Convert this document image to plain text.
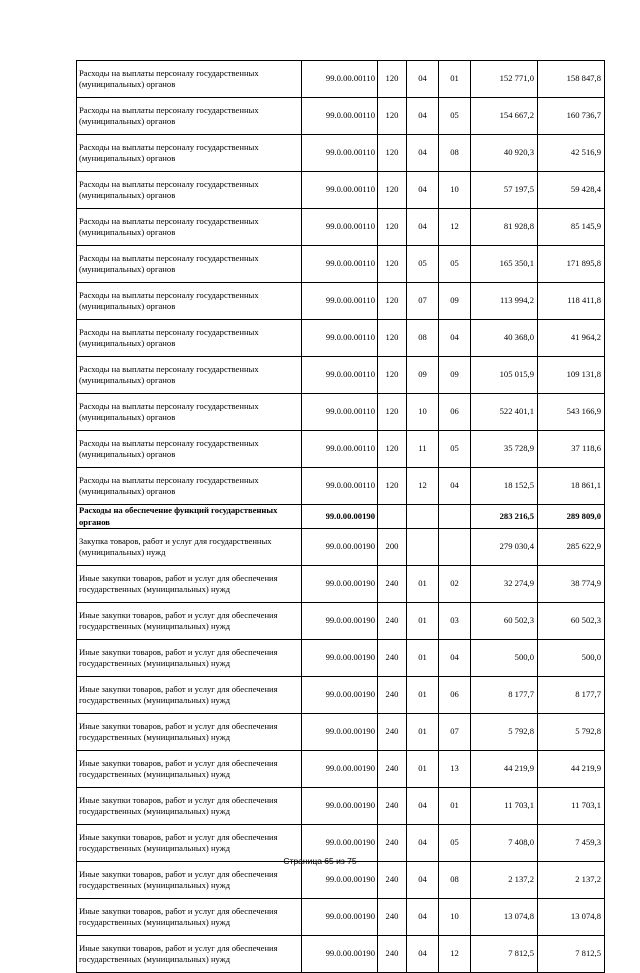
Расходы на выплаты персоналу государственных (муниципальных) органов	99.0.00.00110	120	04	01	152 771,0	158 847,8
Расходы на выплаты персоналу государственных (муниципальных) органов	99.0.00.00110	120	04	05	154 667,2	160 736,7
Расходы на выплаты персоналу государственных (муниципальных) органов	99.0.00.00110	120	04	08	40 920,3	42 516,9
Расходы на выплаты персоналу государственных (муниципальных) органов	99.0.00.00110	120	04	10	57 197,5	59 428,4
Расходы на выплаты персоналу государственных (муниципальных) органов	99.0.00.00110	120	04	12	81 928,8	85 145,9
Расходы на выплаты персоналу государственных (муниципальных) органов	99.0.00.00110	120	05	05	165 350,1	171 895,8
Расходы на выплаты персоналу государственных (муниципальных) органов	99.0.00.00110	120	07	09	113 994,2	118 411,8
Расходы на выплаты персоналу государственных (муниципальных) органов	99.0.00.00110	120	08	04	40 368,0	41 964,2
Расходы на выплаты персоналу государственных (муниципальных) органов	99.0.00.00110	120	09	09	105 015,9	109 131,8
Расходы на выплаты персоналу государственных (муниципальных) органов	99.0.00.00110	120	10	06	522 401,1	543 166,9
Расходы на выплаты персоналу государственных (муниципальных) органов	99.0.00.00110	120	11	05	35 728,9	37 118,6
Расходы на выплаты персоналу государственных (муниципальных) органов	99.0.00.00110	120	12	04	18 152,5	18 861,1
Расходы на обеспечение функций государственных органов	99.0.00.00190				283 216,5	289 809,0
Закупка товаров, работ и услуг для государственных (муниципальных) нужд	99.0.00.00190	200			279 030,4	285 622,9
Иные закупки товаров, работ и услуг для обеспечения государственных (муниципальных) нужд	99.0.00.00190	240	01	02	32 274,9	38 774,9
Иные закупки товаров, работ и услуг для обеспечения государственных (муниципальных) нужд	99.0.00.00190	240	01	03	60 502,3	60 502,3
Иные закупки товаров, работ и услуг для обеспечения государственных (муниципальных) нужд	99.0.00.00190	240	01	04	500,0	500,0
Иные закупки товаров, работ и услуг для обеспечения государственных (муниципальных) нужд	99.0.00.00190	240	01	06	8 177,7	8 177,7
Иные закупки товаров, работ и услуг для обеспечения государственных (муниципальных) нужд	99.0.00.00190	240	01	07	5 792,8	5 792,8
Иные закупки товаров, работ и услуг для обеспечения государственных (муниципальных) нужд	99.0.00.00190	240	01	13	44 219,9	44 219,9
Иные закупки товаров, работ и услуг для обеспечения государственных (муниципальных) нужд	99.0.00.00190	240	04	01	11 703,1	11 703,1
Иные закупки товаров, работ и услуг для обеспечения государственных (муниципальных) нужд	99.0.00.00190	240	04	05	7 408,0	7 459,3
Иные закупки товаров, работ и услуг для обеспечения государственных (муниципальных) нужд	99.0.00.00190	240	04	08	2 137,2	2 137,2
Иные закупки товаров, работ и услуг для обеспечения государственных (муниципальных) нужд	99.0.00.00190	240	04	10	13 074,8	13 074,8
Иные закупки товаров, работ и услуг для обеспечения государственных (муниципальных) нужд	99.0.00.00190	240	04	12	7 812,5	7 812,5
Страница 65 из 75
